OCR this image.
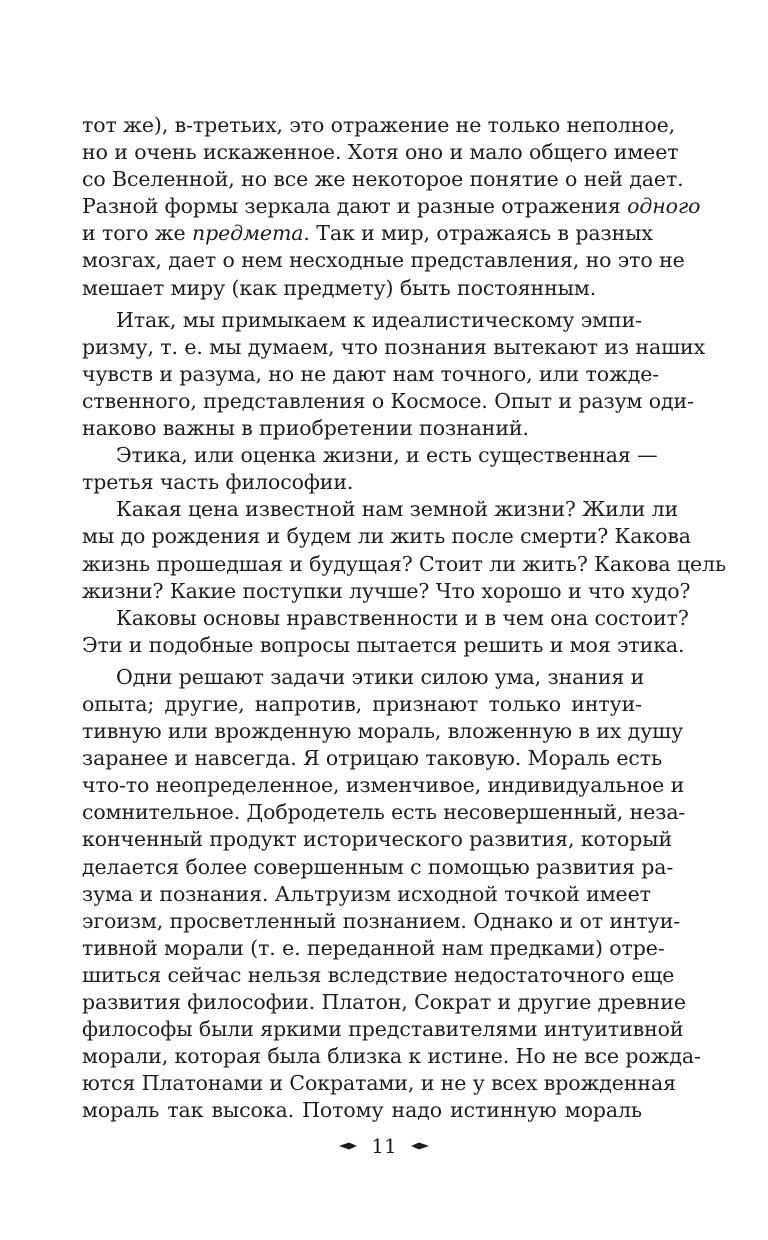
тот же), в-третьих, это отражение не только неполное,
но и очень искаженное. Хотя оно и мало общего имеет
со Вселенной, но все же некоторое понятие о ней дает.
Разной формы зеркала дают и разные отражения одного
и того же предмета. Так и мир, отражаясь в разных
мозгах, дает о нем несходные представления, но это не
мешает миру (как предмету) быть постоянным.
Итак, мы примыкаем к идеалистическому эмпи-
ризму, т. е. мы думаем, что познания вытекают из наших
чувств и разума, но не дают нам точного, или тожде-
ственного, представления о Космосе. Опыт и разум оди-
наково важны в приобретении познаний.
Этика, или оценка жизни, и есть существенная —
третья часть философии.
Какая цена известной нам земной жизни? Жили ли
мы до рождения и будем ли жить после смерти? Какова
жизнь прошедшая и будущая? Стоит ли жить? Какова цель
жизни? Какие поступки лучше? Что хорошо и что худо?
Каковы основы нравственности и в чем она состоит?
Эти и подобные вопросы пытается решить и моя этика.
Одни решают задачи этики силою ума, знания и
опыта; другие, напротив, признают только интуи-
тивную или врожденную мораль, вложенную в их душу
заранее и навсегда. Я отрицаю таковую. Мораль есть
что-то неопределенное, изменчивое, индивидуальное и
сомнительное. Добродетель есть несовершенный, неза-
конченный продукт исторического развития, который
делается более совершенным с помощью развития ра-
зума и познания. Альтруизм исходной точкой имеет
эгоизм, просветленный познанием. Однако и от интуи-
тивной морали (т. е. переданной нам предками) отре-
шиться сейчас нельзя вследствие недостаточного еще
развития философии. Платон, Сократ и другие древние
философы были яркими представителями интуитивной
морали, которая была близка к истине. Но не все рожда-
ются Платонами и Сократами, и не у всех врожденная
мораль так высока. Потому надо истинную мораль
11
